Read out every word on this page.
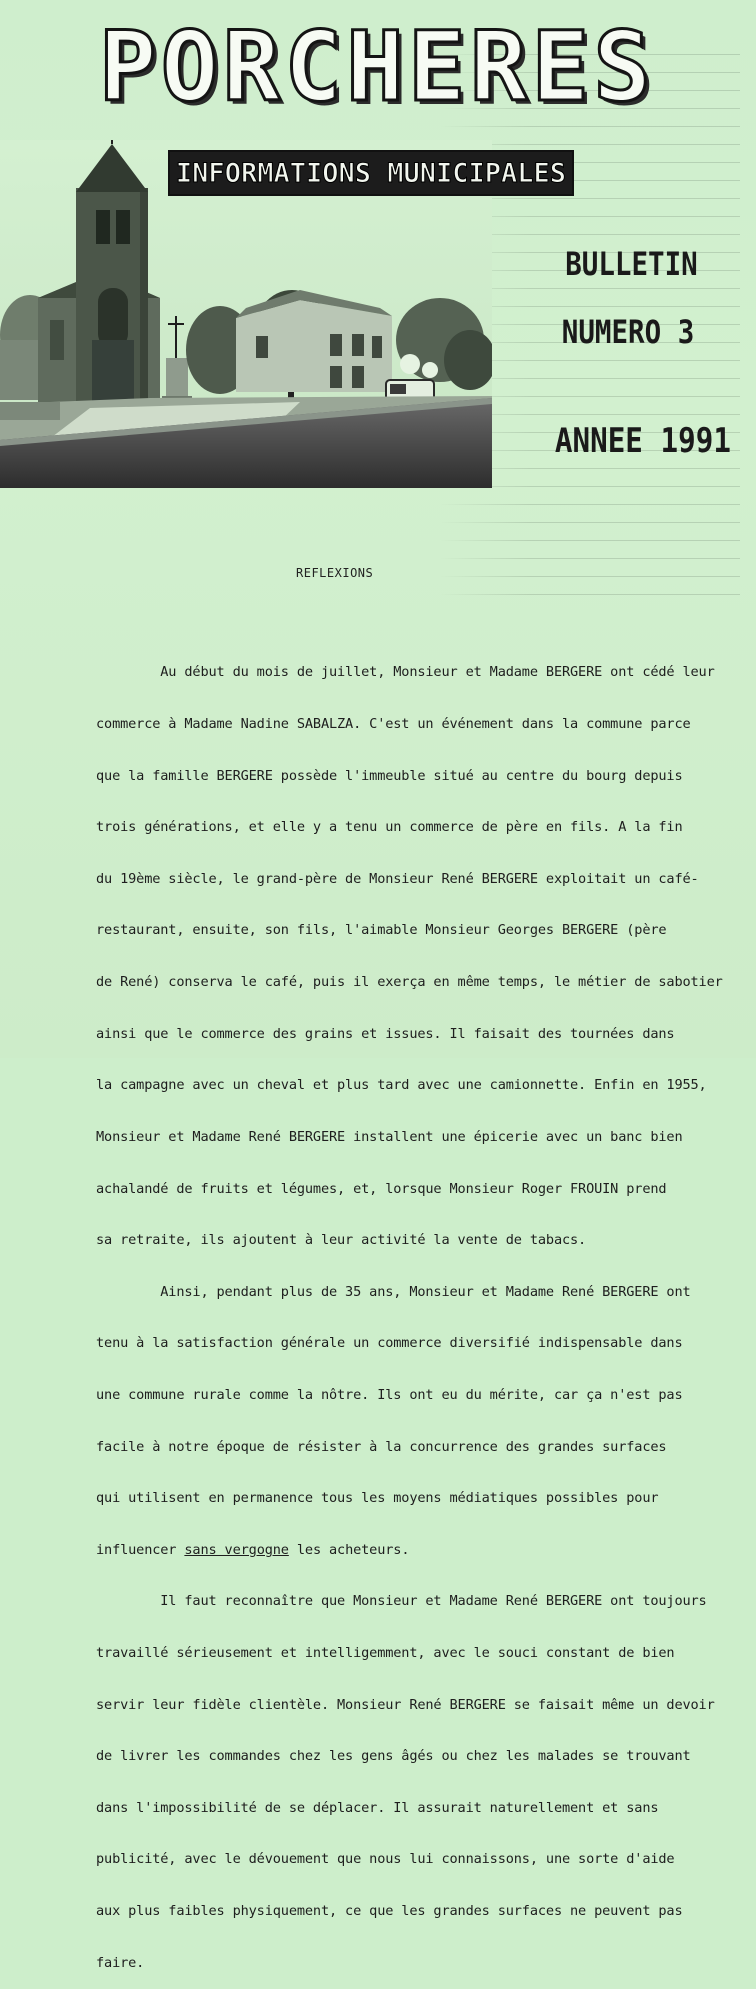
PORCHERES
INFORMATIONS MUNICIPALES
BULLETIN
NUMERO 3
ANNEE 1991
REFLEXIONS

Au début du mois de juillet, Monsieur et Madame BERGERE ont cédé leur

commerce à Madame Nadine SABALZA. C'est un événement dans la commune parce

que la famille BERGERE possède l'immeuble situé au centre du bourg depuis

trois générations, et elle y a tenu un commerce de père en fils. A la fin

du 19ème siècle, le grand-père de Monsieur René BERGERE exploitait un café-

restaurant, ensuite, son fils, l'aimable Monsieur Georges BERGERE (père

de René) conserva le café, puis il exerça en même temps, le métier de sabotier

ainsi que le commerce des grains et issues. Il faisait des tournées dans

la campagne avec un cheval et plus tard avec une camionnette. Enfin en 1955,

Monsieur et Madame René BERGERE installent une épicerie avec un banc bien

achalandé de fruits et légumes, et, lorsque Monsieur Roger FROUIN prend

sa retraite, ils ajoutent à leur activité la vente de tabacs.

Ainsi, pendant plus de 35 ans, Monsieur et Madame René BERGERE ont

tenu à la satisfaction générale un commerce diversifié indispensable dans

une commune rurale comme la nôtre. Ils ont eu du mérite, car ça n'est pas

facile à notre époque de résister à la concurrence des grandes surfaces

qui utilisent en permanence tous les moyens médiatiques possibles pour

influencer sans vergogne les acheteurs.

Il faut reconnaître que Monsieur et Madame René BERGERE ont toujours

travaillé sérieusement et intelligemment, avec le souci constant de bien

servir leur fidèle clientèle. Monsieur René BERGERE se faisait même un devoir

de livrer les commandes chez les gens âgés ou chez les malades se trouvant

dans l'impossibilité de se déplacer. Il assurait naturellement et sans

publicité, avec le dévouement que nous lui connaissons, une sorte d'aide

aux plus faibles physiquement, ce que les grandes surfaces ne peuvent pas

faire.
